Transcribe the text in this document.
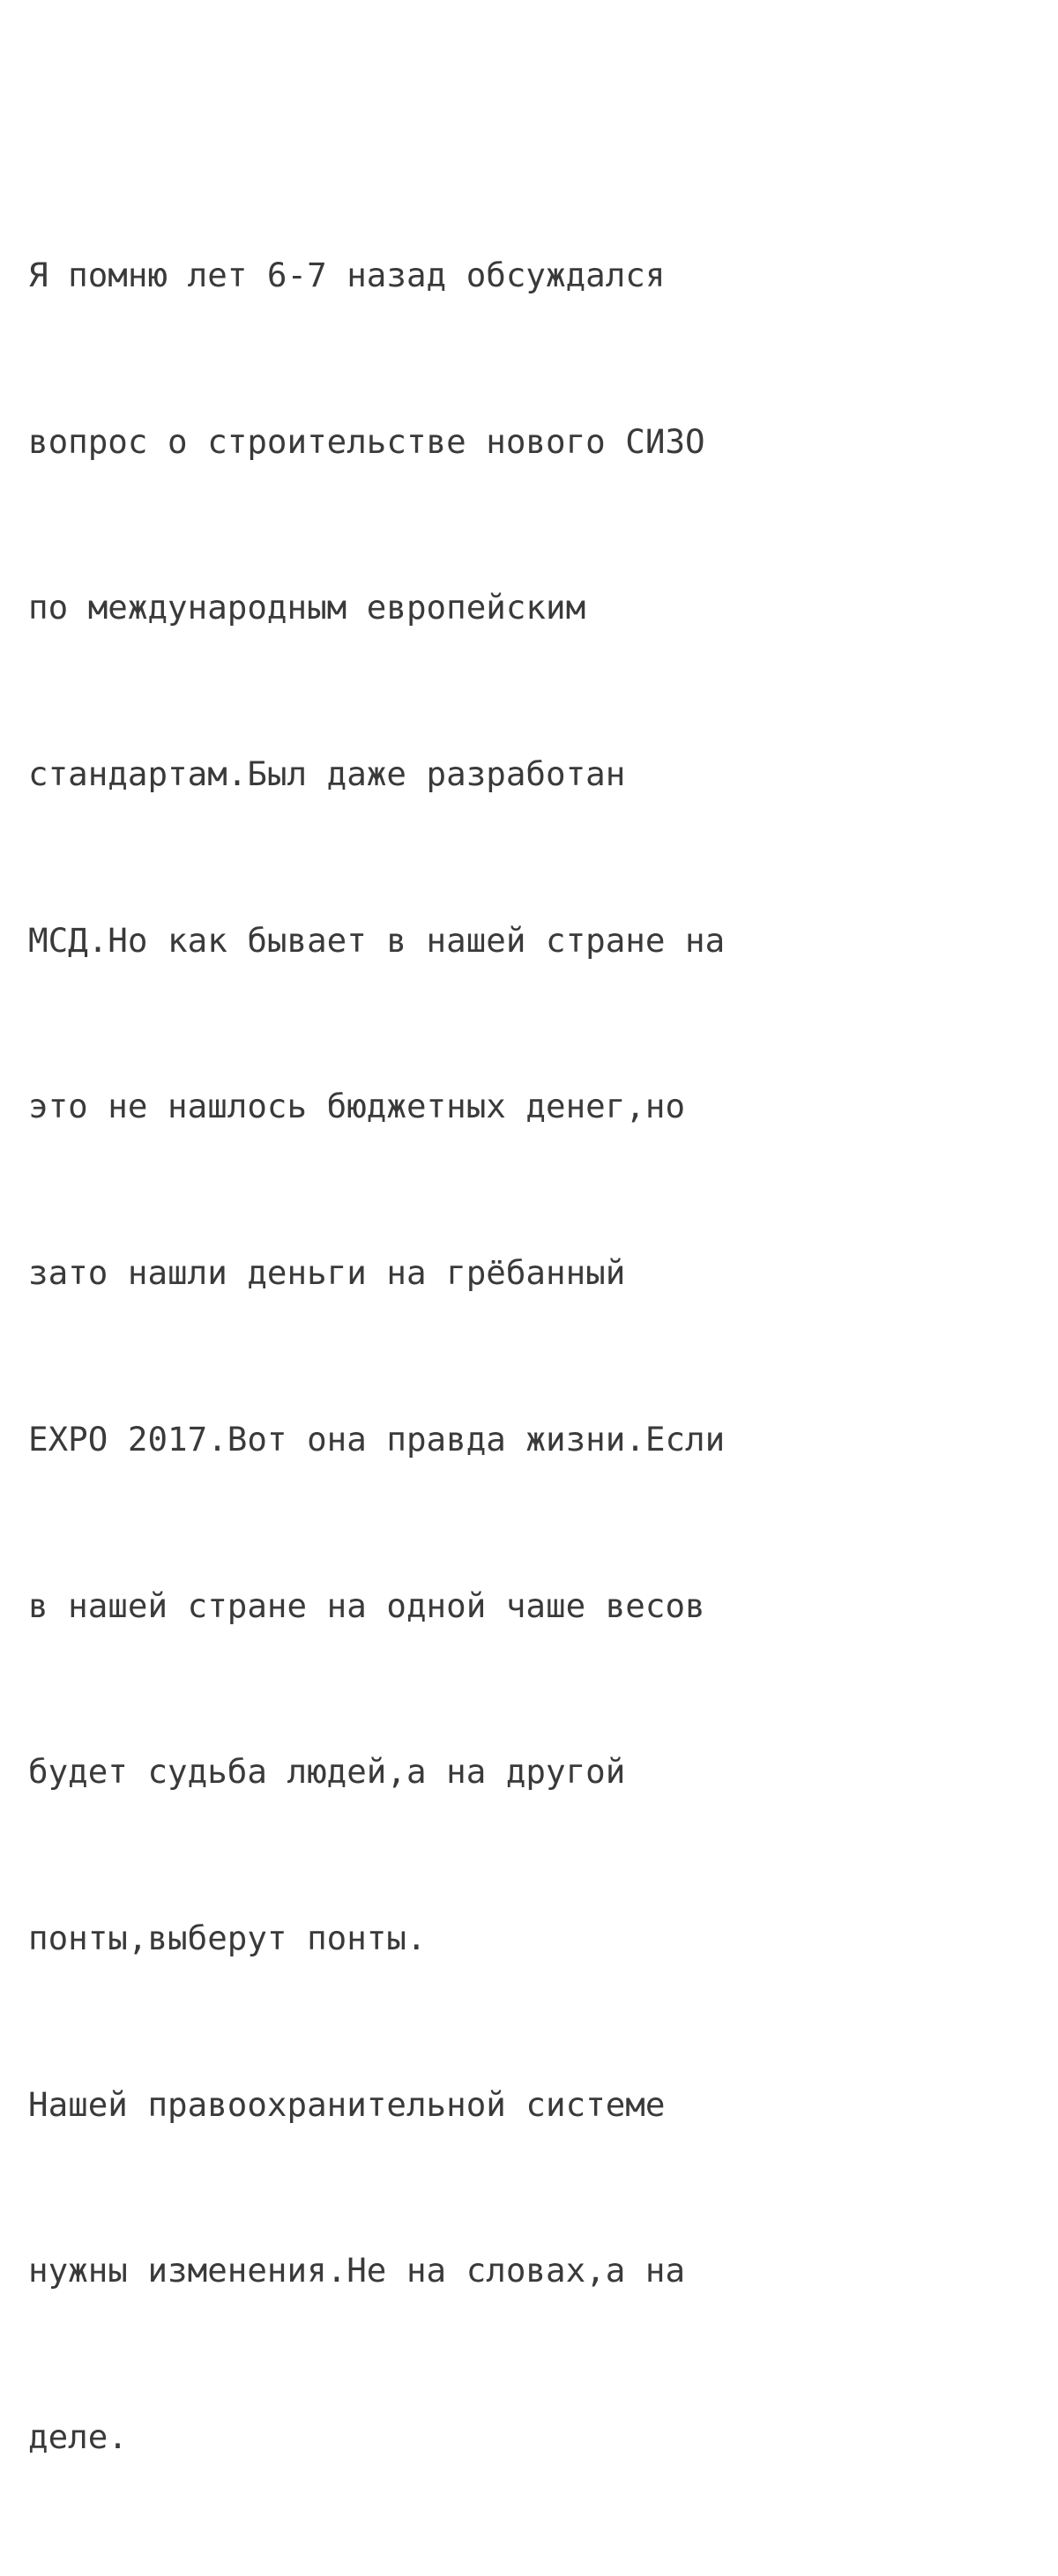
Я помню лет 6-7 назад обсуждался

вопрос о строительстве нового СИЗО

по международным европейским

стандартам.Был даже разработан

МСД.Но как бывает в нашей стране на

это не нашлось бюджетных денег,но

зато нашли деньги на грёбанный

EXPO 2017.Вот она правда жизни.Если

в нашей стране на одной чаше весов

будет судьба людей,а на другой

понты,выберут понты.

Нашей правоохранительной системе

нужны изменения.Не на словах,а на

деле.
